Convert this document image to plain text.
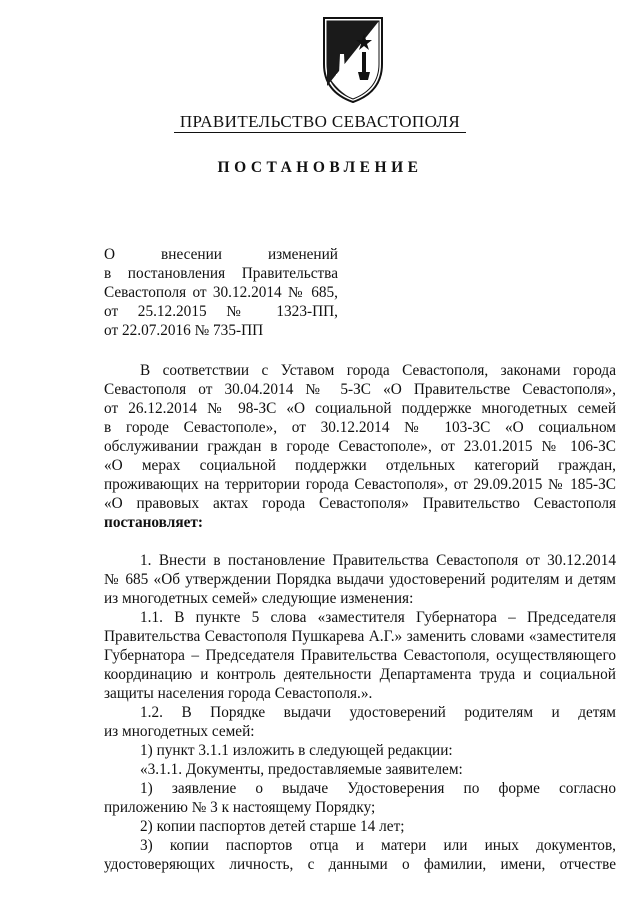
ПРАВИТЕЛЬСТВО СЕВАСТОПОЛЯ
ПОСТАНОВЛЕНИЕ
О внесении изменений
в постановления Правительства
Севастополя от 30.12.2014 № 685,
от 25.12.2015 № 1323-ПП,
от 22.07.2016 № 735-ПП
В соответствии с Уставом города Севастополя, законами города
Севастополя от 30.04.2014 № 5-ЗС «О Правительстве Севастополя»,
от 26.12.2014 № 98-ЗС «О социальной поддержке многодетных семей
в городе Севастополе», от 30.12.2014 № 103-ЗС «О социальном
обслуживании граждан в городе Севастополе», от 23.01.2015 № 106-ЗС
«О мерах социальной поддержки отдельных категорий граждан,
проживающих на территории города Севастополя», от 29.09.2015 № 185-ЗС
«О правовых актах города Севастополя» Правительство Севастополя
постановляет:
1. Внести в постановление Правительства Севастополя от 30.12.2014
№ 685 «Об утверждении Порядка выдачи удостоверений родителям и детям
из многодетных семей» следующие изменения:
1.1. В пункте 5 слова «заместителя Губернатора – Председателя
Правительства Севастополя Пушкарева А.Г.» заменить словами «заместителя
Губернатора – Председателя Правительства Севастополя, осуществляющего
координацию и контроль деятельности Департамента труда и социальной
защиты населения города Севастополя.».
1.2. В Порядке выдачи удостоверений родителям и детям
из многодетных семей:
1) пункт 3.1.1 изложить в следующей редакции:
«3.1.1. Документы, предоставляемые заявителем:
1) заявление о выдаче Удостоверения по форме согласно
приложению № 3 к настоящему Порядку;
2) копии паспортов детей старше 14 лет;
3) копии паспортов отца и матери или иных документов,
удостоверяющих личность, с данными о фамилии, имени, отчестве
